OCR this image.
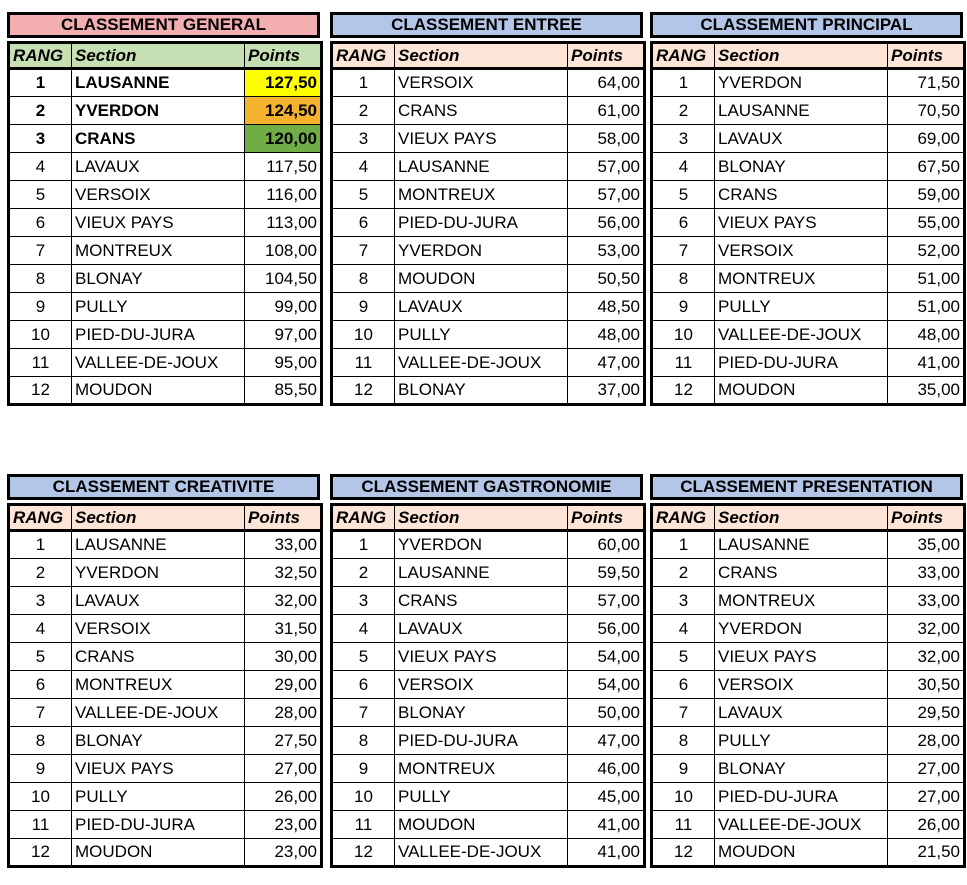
CLASSEMENT GENERAL
RANG	Section	Points
1	LAUSANNE	127,50
2	YVERDON	124,50
3	CRANS	120,00
4	LAVAUX	117,50
5	VERSOIX	116,00
6	VIEUX PAYS	113,00
7	MONTREUX	108,00
8	BLONAY	104,50
9	PULLY	99,00
10	PIED-DU-JURA	97,00
11	VALLEE-DE-JOUX	95,00
12	MOUDON	85,50
CLASSEMENT ENTREE
RANG	Section	Points
1	VERSOIX	64,00
2	CRANS	61,00
3	VIEUX PAYS	58,00
4	LAUSANNE	57,00
5	MONTREUX	57,00
6	PIED-DU-JURA	56,00
7	YVERDON	53,00
8	MOUDON	50,50
9	LAVAUX	48,50
10	PULLY	48,00
11	VALLEE-DE-JOUX	47,00
12	BLONAY	37,00
CLASSEMENT PRINCIPAL
RANG	Section	Points
1	YVERDON	71,50
2	LAUSANNE	70,50
3	LAVAUX	69,00
4	BLONAY	67,50
5	CRANS	59,00
6	VIEUX PAYS	55,00
7	VERSOIX	52,00
8	MONTREUX	51,00
9	PULLY	51,00
10	VALLEE-DE-JOUX	48,00
11	PIED-DU-JURA	41,00
12	MOUDON	35,00
CLASSEMENT CREATIVITE
RANG	Section	Points
1	LAUSANNE	33,00
2	YVERDON	32,50
3	LAVAUX	32,00
4	VERSOIX	31,50
5	CRANS	30,00
6	MONTREUX	29,00
7	VALLEE-DE-JOUX	28,00
8	BLONAY	27,50
9	VIEUX PAYS	27,00
10	PULLY	26,00
11	PIED-DU-JURA	23,00
12	MOUDON	23,00
CLASSEMENT GASTRONOMIE
RANG	Section	Points
1	YVERDON	60,00
2	LAUSANNE	59,50
3	CRANS	57,00
4	LAVAUX	56,00
5	VIEUX PAYS	54,00
6	VERSOIX	54,00
7	BLONAY	50,00
8	PIED-DU-JURA	47,00
9	MONTREUX	46,00
10	PULLY	45,00
11	MOUDON	41,00
12	VALLEE-DE-JOUX	41,00
CLASSEMENT PRESENTATION
RANG	Section	Points
1	LAUSANNE	35,00
2	CRANS	33,00
3	MONTREUX	33,00
4	YVERDON	32,00
5	VIEUX PAYS	32,00
6	VERSOIX	30,50
7	LAVAUX	29,50
8	PULLY	28,00
9	BLONAY	27,00
10	PIED-DU-JURA	27,00
11	VALLEE-DE-JOUX	26,00
12	MOUDON	21,50
